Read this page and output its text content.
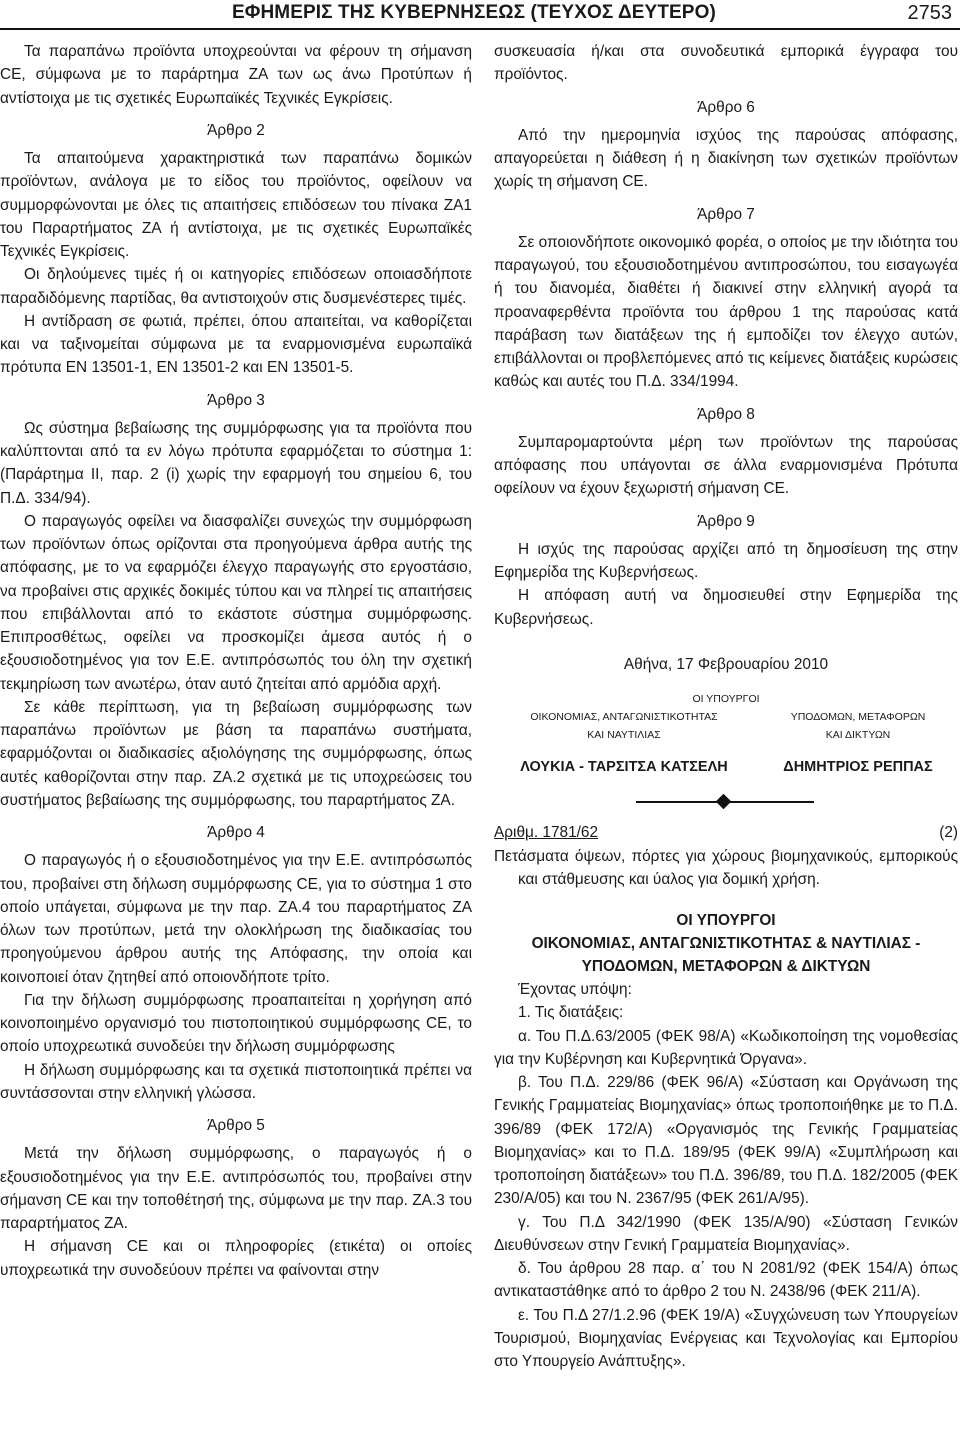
ΕΦΗΜΕΡΙΣ ΤΗΣ ΚΥΒΕΡΝΗΣΕΩΣ (ΤΕΥΧΟΣ ΔΕΥΤΕΡΟ)	2753

Τα παραπάνω προϊόντα υποχρεούνται να φέρουν τη σήμανση CE, σύμφωνα με το παράρτημα ΖΑ των ως άνω Προτύπων ή αντίστοιχα με τις σχετικές Ευρωπαϊκές Τεχνικές Εγκρίσεις.

Άρθρο 2

Τα απαιτούμενα χαρακτηριστικά των παραπάνω δομικών προϊόντων, ανάλογα με το είδος του προϊόντος, οφείλουν να συμμορφώνονται με όλες τις απαιτήσεις επιδόσεων του πίνακα ΖΑ1 του Παραρτήματος ΖΑ ή αντίστοιχα, με τις σχετικές Ευρωπαϊκές Τεχνικές Εγκρίσεις.

Οι δηλούμενες τιμές ή οι κατηγορίες επιδόσεων οποιασδήποτε παραδιδόμενης παρτίδας, θα αντιστοιχούν στις δυσμενέστερες τιμές.

Η αντίδραση σε φωτιά, πρέπει, όπου απαιτείται, να καθορίζεται και να ταξινομείται σύμφωνα με τα εναρμονισμένα ευρωπαϊκά πρότυπα ΕΝ 13501-1, ΕΝ 13501-2 και ΕΝ 13501-5.

Άρθρο 3

Ως σύστημα βεβαίωσης της συμμόρφωσης για τα προϊόντα που καλύπτονται από τα εν λόγω πρότυπα εφαρμόζεται το σύστημα 1: (Παράρτημα ΙΙ, παρ. 2 (i) χωρίς την εφαρμογή του σημείου 6, του Π.Δ. 334/94).

Ο παραγωγός οφείλει να διασφαλίζει συνεχώς την συμμόρφωση των προϊόντων όπως ορίζονται στα προηγούμενα άρθρα αυτής της απόφασης, με το να εφαρμόζει έλεγχο παραγωγής στο εργοστάσιο, να προβαίνει στις αρχικές δοκιμές τύπου και να πληρεί τις απαιτήσεις που επιβάλλονται από το εκάστοτε σύστημα συμμόρφωσης. Επιπροσθέτως, οφείλει να προσκομίζει άμεσα αυτός ή ο εξουσιοδοτημένος για τον Ε.Ε. αντιπρόσωπός του όλη την σχετική τεκμηρίωση των ανωτέρω, όταν αυτό ζητείται από αρμόδια αρχή.

Σε κάθε περίπτωση, για τη βεβαίωση συμμόρφωσης των παραπάνω προϊόντων με βάση τα παραπάνω συστήματα, εφαρμόζονται οι διαδικασίες αξιολόγησης της συμμόρφωσης, όπως αυτές καθορίζονται στην παρ. ΖΑ.2 σχετικά με τις υποχρεώσεις του συστήματος βεβαίωσης της συμμόρφωσης, του παραρτήματος ΖΑ.

Άρθρο 4

Ο παραγωγός ή ο εξουσιοδοτημένος για την Ε.Ε. αντιπρόσωπός του, προβαίνει στη δήλωση συμμόρφωσης CE, για το σύστημα 1 στο οποίο υπάγεται, σύμφωνα με την παρ. ΖΑ.4 του παραρτήματος ΖΑ όλων των προτύπων, μετά την ολοκλήρωση της διαδικασίας του προηγούμενου άρθρου αυτής της Απόφασης, την οποία και κοινοποιεί όταν ζητηθεί από οποιονδήποτε τρίτο.

Για την δήλωση συμμόρφωσης προαπαιτείται η χορήγηση από κοινοποιημένο οργανισμό του πιστοποιητικού συμμόρφωσης CE, το οποίο υποχρεωτικά συνοδεύει την δήλωση συμμόρφωσης

Η δήλωση συμμόρφωσης και τα σχετικά πιστοποιητικά πρέπει να συντάσσονται στην ελληνική γλώσσα.

Άρθρο 5

Μετά την δήλωση συμμόρφωσης, ο παραγωγός ή ο εξουσιοδοτημένος για την Ε.Ε. αντιπρόσωπός του, προβαίνει στην σήμανση CE και την τοποθέτησή της, σύμφωνα με την παρ. ΖΑ.3 του παραρτήματος ΖΑ.

Η σήμανση CE και οι πληροφορίες (ετικέτα) οι οποίες υποχρεωτικά την συνοδεύουν πρέπει να φαίνονται στην

συσκευασία ή/και στα συνοδευτικά εμπορικά έγγραφα του προϊόντος.

Άρθρο 6

Από την ημερομηνία ισχύος της παρούσας απόφασης, απαγορεύεται η διάθεση ή η διακίνηση των σχετικών προϊόντων χωρίς τη σήμανση CE.

Άρθρο 7

Σε οποιονδήποτε οικονομικό φορέα, ο οποίος με την ιδιότητα του παραγωγού, του εξουσιοδοτημένου αντιπροσώπου, του εισαγωγέα ή του διανομέα, διαθέτει ή διακινεί στην ελληνική αγορά τα προαναφερθέντα προϊόντα του άρθρου 1 της παρούσας κατά παράβαση των διατάξεων της ή εμποδίζει τον έλεγχο αυτών, επιβάλλονται οι προβλεπόμενες από τις κείμενες διατάξεις κυρώσεις καθώς και αυτές του Π.Δ. 334/1994.

Άρθρο 8

Συμπαρομαρτούντα μέρη των προϊόντων της παρούσας απόφασης που υπάγονται σε άλλα εναρμονισμένα Πρότυπα οφείλουν να έχουν ξεχωριστή σήμανση CE.

Άρθρο 9

Η ισχύς της παρούσας αρχίζει από τη δημοσίευση της στην Εφημερίδα της Κυβερνήσεως.

Η απόφαση αυτή να δημοσιευθεί στην Εφημερίδα της Κυβερνήσεως.

Αθήνα, 17 Φεβρουαρίου 2010
ΟΙ ΥΠΟΥΡΓΟΙ
ΟΙΚΟΝΟΜΙΑΣ, ΑΝΤΑΓΩΝΙΣΤΙΚΟΤΗΤΑΣ	ΥΠΟΔΟΜΩΝ, ΜΕΤΑΦΟΡΩΝ
ΚΑΙ ΝΑΥΤΙΛΙΑΣ	ΚΑΙ ΔΙΚΤΥΩΝ
ΛΟΥΚΙΑ - ΤΑΡΣΙΤΣΑ ΚΑΤΣΕΛΗ	ΔΗΜΗΤΡΙΟΣ ΡΕΠΠΑΣ
Αριθμ. 1781/62	(2)

Πετάσματα όψεων, πόρτες για χώρους βιομηχανικούς, εμπορικούς και στάθμευσης και ύαλος για δομική χρήση.

ΟΙ ΥΠΟΥΡΓΟΙ
ΟΙΚΟΝΟΜΙΑΣ, ΑΝΤΑΓΩΝΙΣΤΙΚΟΤΗΤΑΣ & ΝΑΥΤΙΛΙΑΣ - ΥΠΟΔΟΜΩΝ, ΜΕΤΑΦΟΡΩΝ & ΔΙΚΤΥΩΝ

Έχοντας υπόψη:

1. Τις διατάξεις:

α. Του Π.Δ.63/2005 (ΦΕΚ 98/Α) «Κωδικοποίηση της νομοθεσίας για την Κυβέρνηση και Κυβερνητικά Όργανα».

β. Του Π.Δ. 229/86 (ΦΕΚ 96/Α) «Σύσταση και Οργάνωση της Γενικής Γραμματείας Βιομηχανίας» όπως τροποποιήθηκε με το Π.Δ. 396/89 (ΦΕΚ 172/Α) «Οργανισμός της Γενικής Γραμματείας Βιομηχανίας» και το Π.Δ. 189/95 (ΦΕΚ 99/Α) «Συμπλήρωση και τροποποίηση διατάξεων» του Π.Δ. 396/89, του Π.Δ. 182/2005 (ΦΕΚ 230/Α/05) και του Ν. 2367/95 (ΦΕΚ 261/Α/95).

γ. Του Π.Δ 342/1990 (ΦΕΚ 135/Α/90) «Σύσταση Γενικών Διευθύνσεων στην Γενική Γραμματεία Βιομηχανίας».

δ. Του άρθρου 28 παρ. α΄ του Ν 2081/92 (ΦΕΚ 154/Α) όπως αντικαταστάθηκε από το άρθρο 2 του Ν. 2438/96 (ΦΕΚ 211/Α).

ε. Του Π.Δ 27/1.2.96 (ΦΕΚ 19/Α) «Συγχώνευση των Υπουργείων Τουρισμού, Βιομηχανίας Ενέργειας και Τεχνολογίας και Εμπορίου στο Υπουργείο Ανάπτυξης».
